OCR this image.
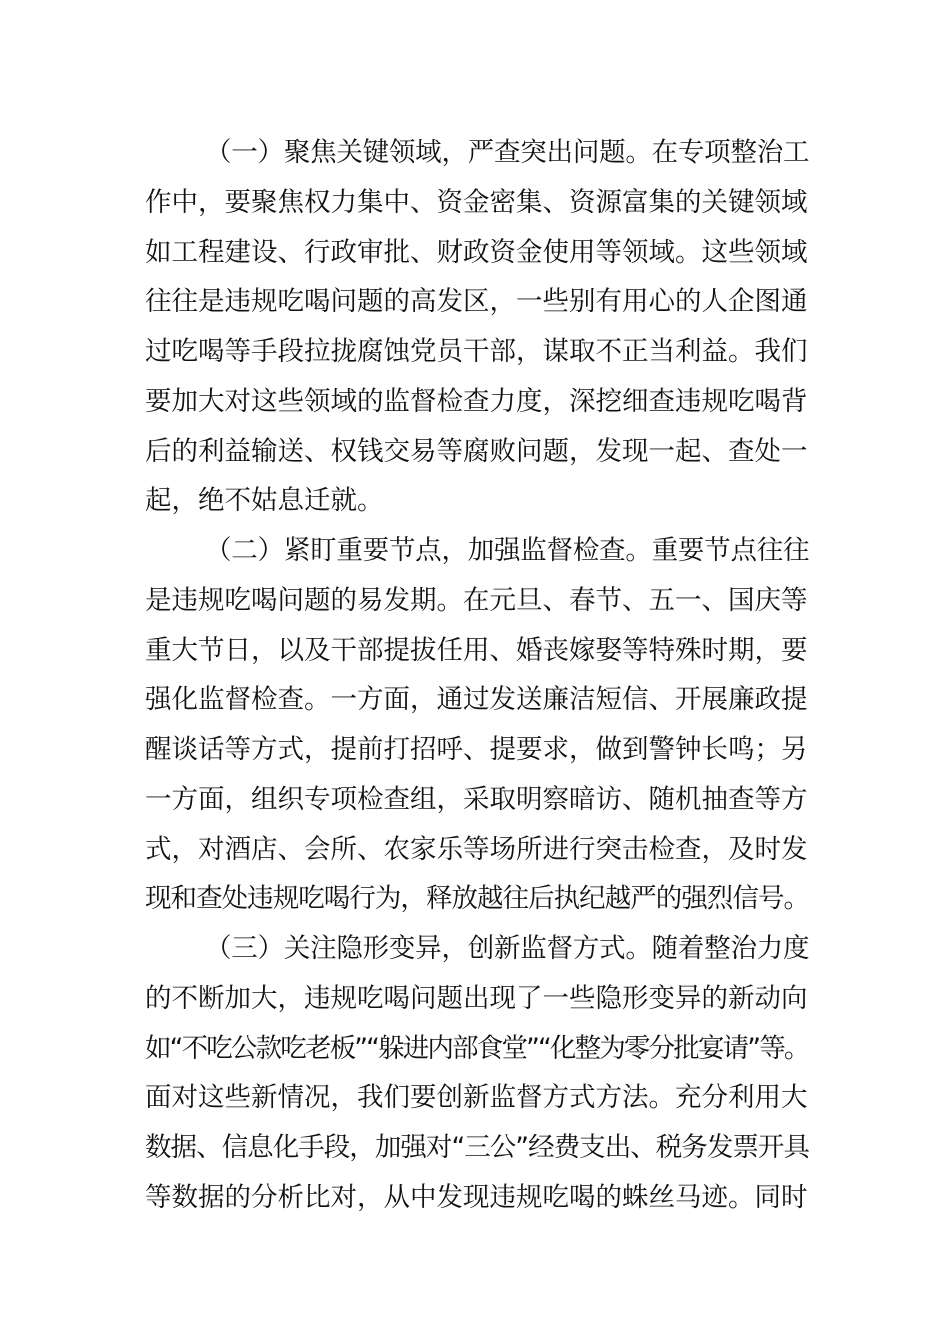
（一）聚焦关键领域，严查突出问题。在专项整治工
作中，要聚焦权力集中、资金密集、资源富集的关键领域
如工程建设、行政审批、财政资金使用等领域。这些领域
往往是违规吃喝问题的高发区，一些别有用心的人企图通
过吃喝等手段拉拢腐蚀党员干部，谋取不正当利益。我们
要加大对这些领域的监督检查力度，深挖细查违规吃喝背
后的利益输送、权钱交易等腐败问题，发现一起、查处一
起，绝不姑息迁就。
（二）紧盯重要节点，加强监督检查。重要节点往往
是违规吃喝问题的易发期。在元旦、春节、五一、国庆等
重大节日，以及干部提拔任用、婚丧嫁娶等特殊时期，要
强化监督检查。一方面，通过发送廉洁短信、开展廉政提
醒谈话等方式，提前打招呼、提要求，做到警钟长鸣；另
一方面，组织专项检查组，采取明察暗访、随机抽查等方
式，对酒店、会所、农家乐等场所进行突击检查，及时发
现和查处违规吃喝行为，释放越往后执纪越严的强烈信号。
（三）关注隐形变异，创新监督方式。随着整治力度
的不断加大，违规吃喝问题出现了一些隐形变异的新动向
如“不吃公款吃老板”“躲进内部食堂”“化整为零分批宴请”等。
面对这些新情况，我们要创新监督方式方法。充分利用大
数据、信息化手段，加强对“三公”经费支出、税务发票开具
等数据的分析比对，从中发现违规吃喝的蛛丝马迹。同时
